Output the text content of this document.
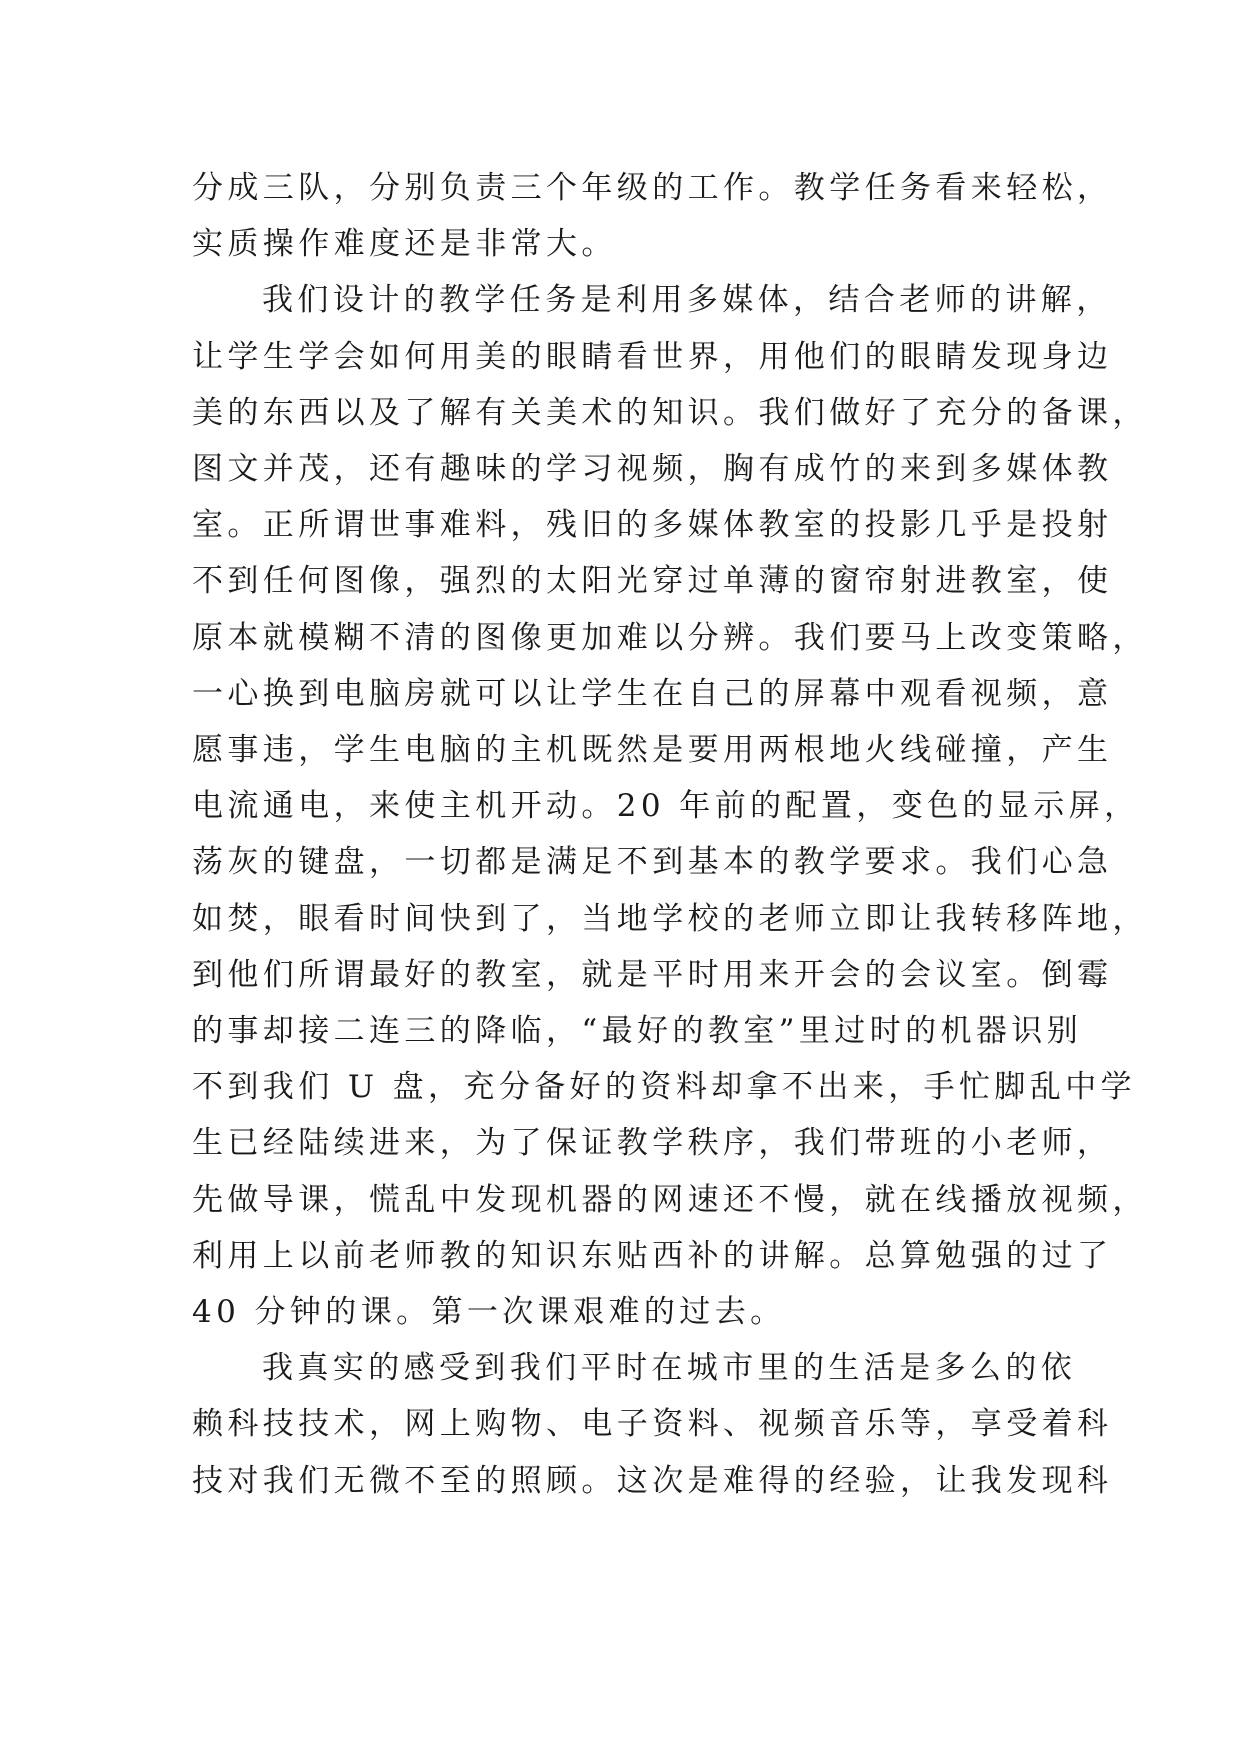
分成三队，分别负责三个年级的工作。教学任务看来轻松，
实质操作难度还是非常大。

我们设计的教学任务是利用多媒体，结合老师的讲解，
让学生学会如何用美的眼睛看世界，用他们的眼睛发现身边
美的东西以及了解有关美术的知识。我们做好了充分的备课，
图文并茂，还有趣味的学习视频，胸有成竹的来到多媒体教
室。正所谓世事难料，残旧的多媒体教室的投影几乎是投射
不到任何图像，强烈的太阳光穿过单薄的窗帘射进教室，使
原本就模糊不清的图像更加难以分辨。我们要马上改变策略，
一心换到电脑房就可以让学生在自己的屏幕中观看视频，意
愿事违，学生电脑的主机既然是要用两根地火线碰撞，产生
电流通电，来使主机开动。20 年前的配置，变色的显示屏，
荡灰的键盘，一切都是满足不到基本的教学要求。我们心急
如焚，眼看时间快到了，当地学校的老师立即让我转移阵地，
到他们所谓最好的教室，就是平时用来开会的会议室。倒霉
的事却接二连三的降临，“最好的教室”里过时的机器识别
不到我们 U 盘，充分备好的资料却拿不出来，手忙脚乱中学
生已经陆续进来，为了保证教学秩序，我们带班的小老师，
先做导课，慌乱中发现机器的网速还不慢，就在线播放视频，
利用上以前老师教的知识东贴西补的讲解。总算勉强的过了
40 分钟的课。第一次课艰难的过去。

我真实的感受到我们平时在城市里的生活是多么的依
赖科技技术，网上购物、电子资料、视频音乐等，享受着科
技对我们无微不至的照顾。这次是难得的经验，让我发现科
